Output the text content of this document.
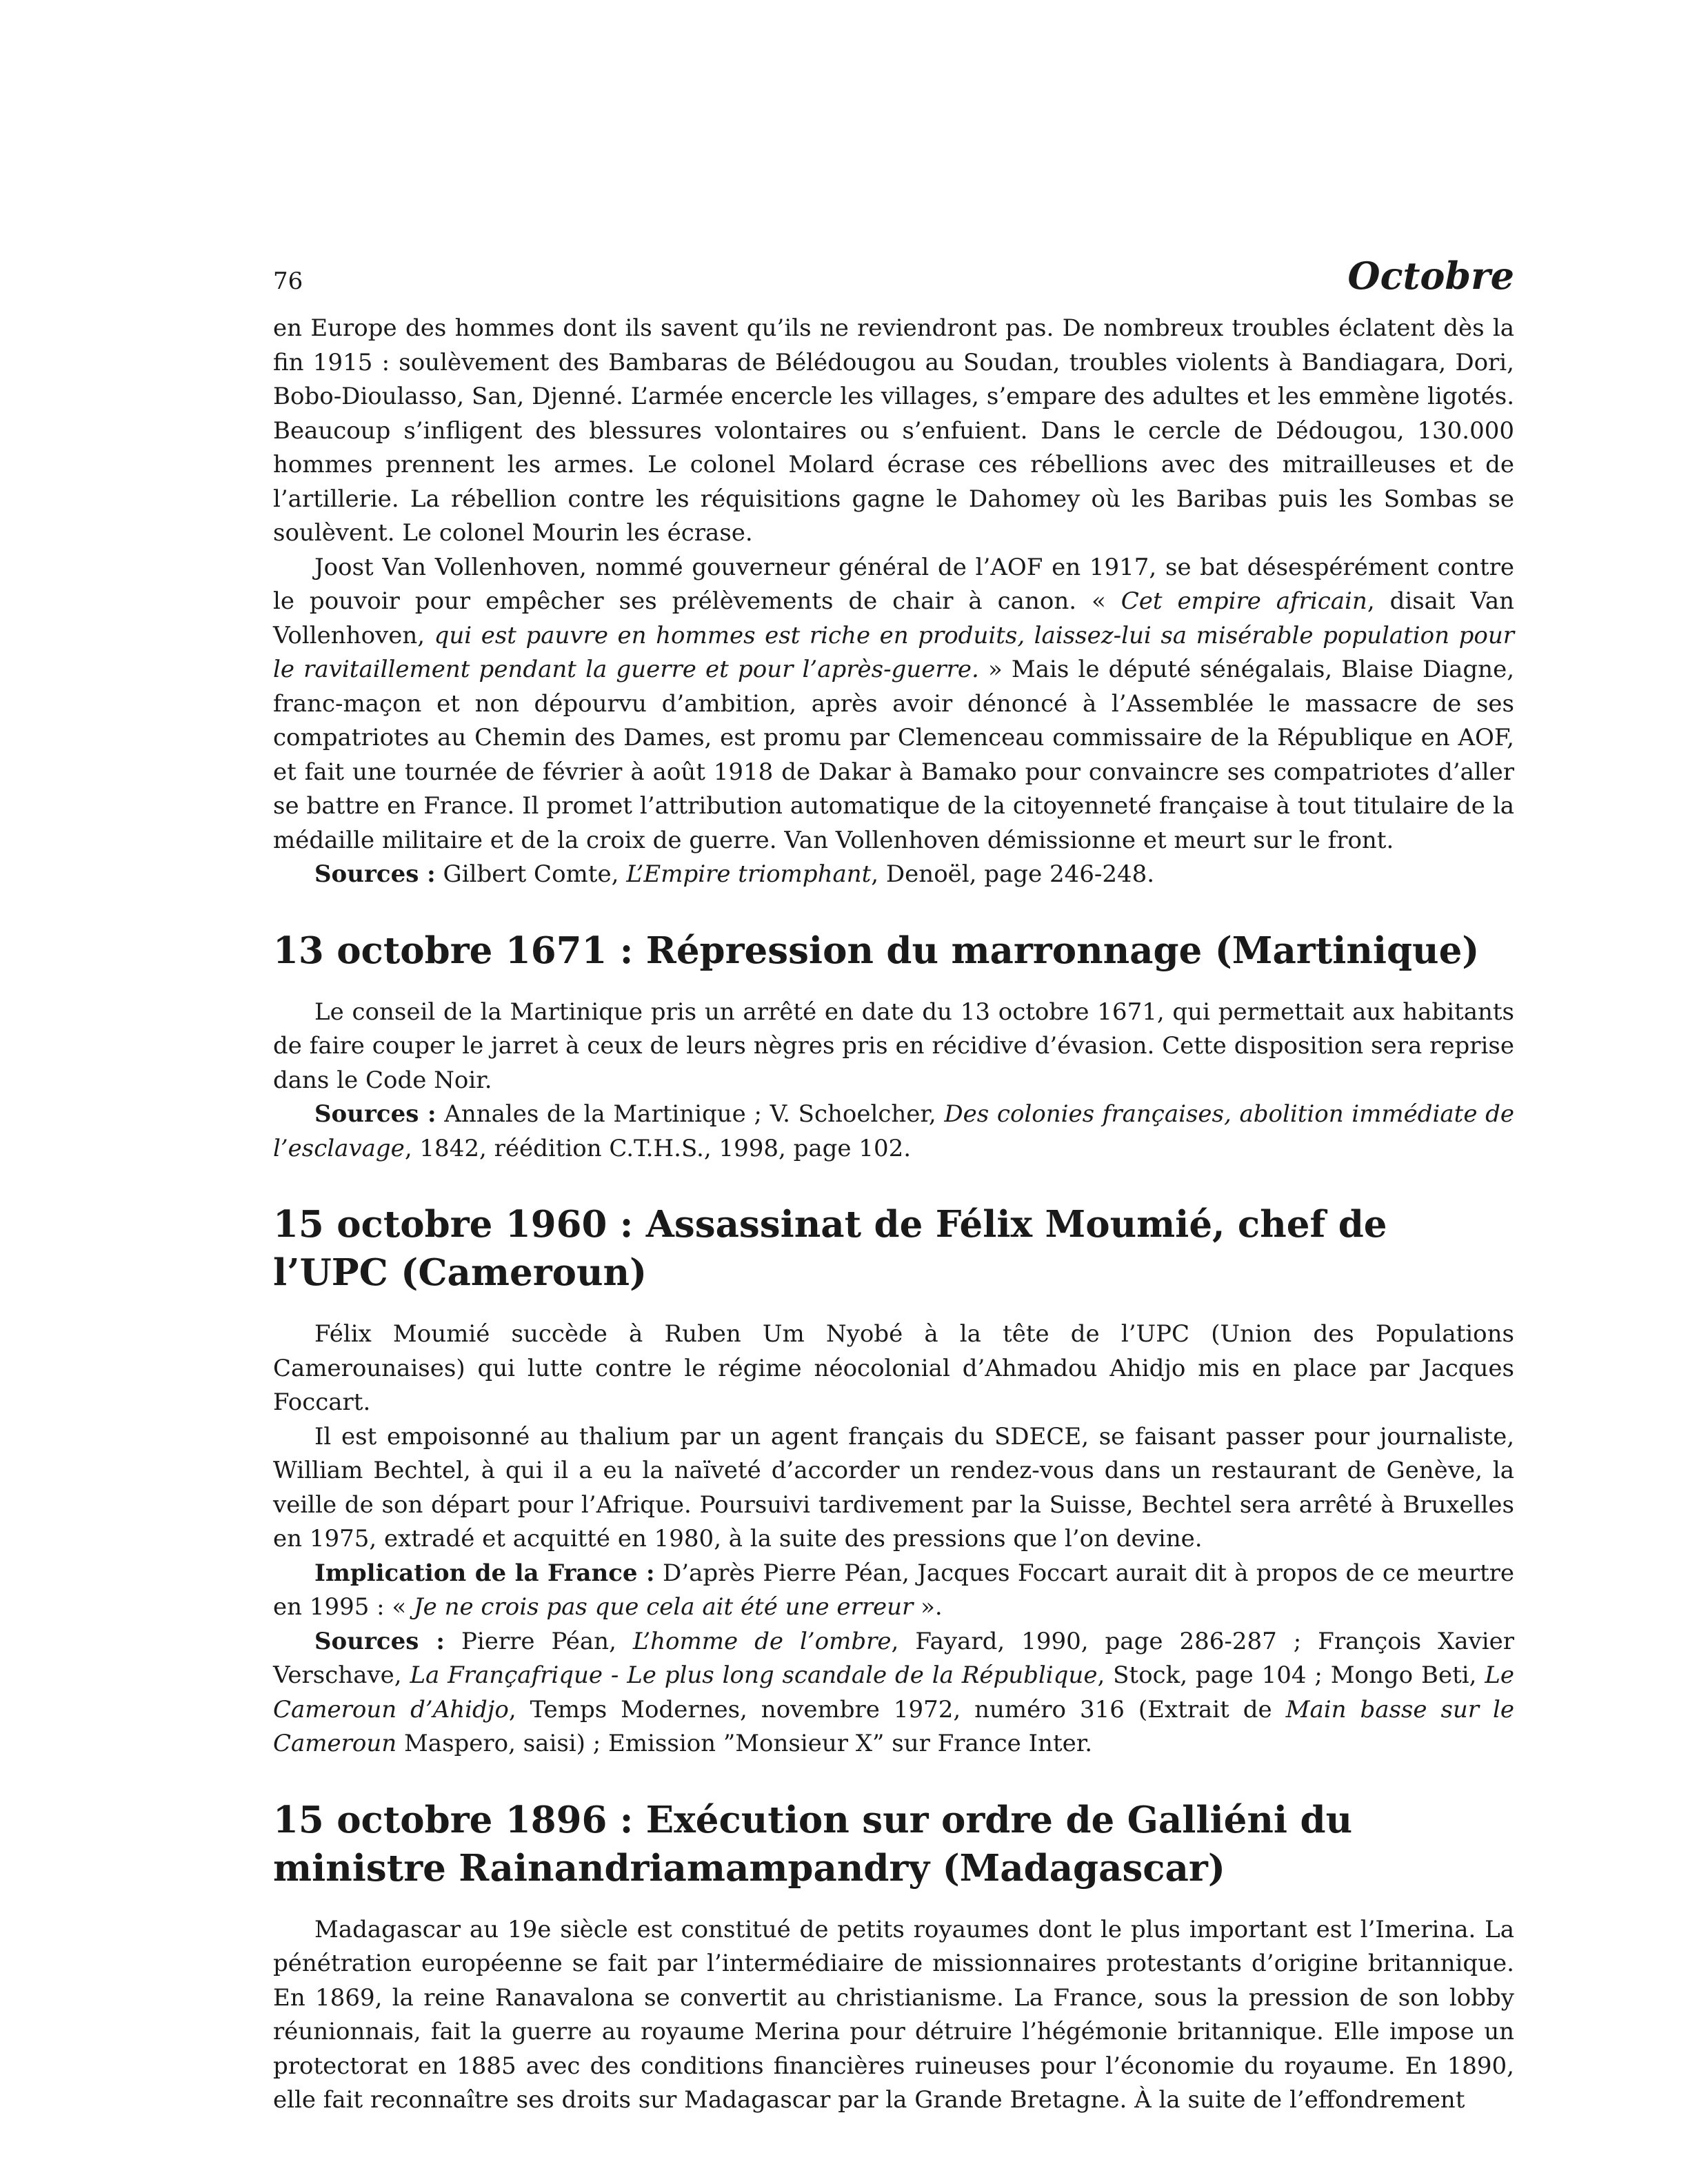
76	Octobre

en Europe des hommes dont ils savent qu’ils ne reviendront pas. De nombreux troubles éclatent dès la fin 1915 : soulèvement des Bambaras de Bélédougou au Soudan, troubles violents à Bandiagara, Dori, Bobo-Dioulasso, San, Djenné. L’armée encercle les villages, s’empare des adultes et les emmène ligotés. Beaucoup s’infligent des blessures volontaires ou s’enfuient. Dans le cercle de Dédougou, 130.000 hommes prennent les armes. Le colonel Molard écrase ces rébellions avec des mitrailleuses et de l’artillerie. La rébellion contre les réquisitions gagne le Dahomey où les Baribas puis les Sombas se soulèvent. Le colonel Mourin les écrase.

Joost Van Vollenhoven, nommé gouverneur général de l’AOF en 1917, se bat désespérément contre le pouvoir pour empêcher ses prélèvements de chair à canon. « Cet empire africain, disait Van Vollenhoven, qui est pauvre en hommes est riche en produits, laissez-lui sa misérable population pour le ravitaillement pendant la guerre et pour l’après-guerre. » Mais le député sénégalais, Blaise Diagne, franc-maçon et non dépourvu d’ambition, après avoir dénoncé à l’Assemblée le massacre de ses compatriotes au Chemin des Dames, est promu par Clemenceau commissaire de la République en AOF, et fait une tournée de février à août 1918 de Dakar à Bamako pour convaincre ses compatriotes d’aller se battre en France. Il promet l’attribution automatique de la citoyenneté française à tout titulaire de la médaille militaire et de la croix de guerre. Van Vollenhoven démissionne et meurt sur le front.

Sources : Gilbert Comte, L’Empire triomphant, Denoël, page 246-248.

13 octobre 1671 : Répression du marronnage (Martinique)

Le conseil de la Martinique pris un arrêté en date du 13 octobre 1671, qui permettait aux habitants de faire couper le jarret à ceux de leurs nègres pris en récidive d’évasion. Cette disposition sera reprise dans le Code Noir.

Sources : Annales de la Martinique ; V. Schoelcher, Des colonies françaises, abolition immédiate de l’esclavage, 1842, réédition C.T.H.S., 1998, page 102.

15 octobre 1960 : Assassinat de Félix Moumié, chef de l’UPC (Cameroun)

Félix Moumié succède à Ruben Um Nyobé à la tête de l’UPC (Union des Populations Camerounaises) qui lutte contre le régime néocolonial d’Ahmadou Ahidjo mis en place par Jacques Foccart.

Il est empoisonné au thalium par un agent français du SDECE, se faisant passer pour journaliste, William Bechtel, à qui il a eu la naïveté d’accorder un rendez-vous dans un restaurant de Genève, la veille de son départ pour l’Afrique. Poursuivi tardivement par la Suisse, Bechtel sera arrêté à Bruxelles en 1975, extradé et acquitté en 1980, à la suite des pressions que l’on devine.

Implication de la France : D’après Pierre Péan, Jacques Foccart aurait dit à propos de ce meurtre en 1995 : « Je ne crois pas que cela ait été une erreur ».

Sources : Pierre Péan, L’homme de l’ombre, Fayard, 1990, page 286-287 ; François Xavier Verschave, La Françafrique - Le plus long scandale de la République, Stock, page 104 ; Mongo Beti, Le Cameroun d’Ahidjo, Temps Modernes, novembre 1972, numéro 316 (Extrait de Main basse sur le Cameroun Maspero, saisi) ; Emission ”Monsieur X” sur France Inter.

15 octobre 1896 : Exécution sur ordre de Galliéni du ministre Rainandriamampandry (Madagascar)

Madagascar au 19e siècle est constitué de petits royaumes dont le plus important est l’Imerina. La pénétration européenne se fait par l’intermédiaire de missionnaires protestants d’origine britannique. En 1869, la reine Ranavalona se convertit au christianisme. La France, sous la pression de son lobby réunionnais, fait la guerre au royaume Merina pour détruire l’hégémonie britannique. Elle impose un protectorat en 1885 avec des conditions financières ruineuses pour l’économie du royaume. En 1890, elle fait reconnaître ses droits sur Madagascar par la Grande Bretagne. À la suite de l’effondrement
